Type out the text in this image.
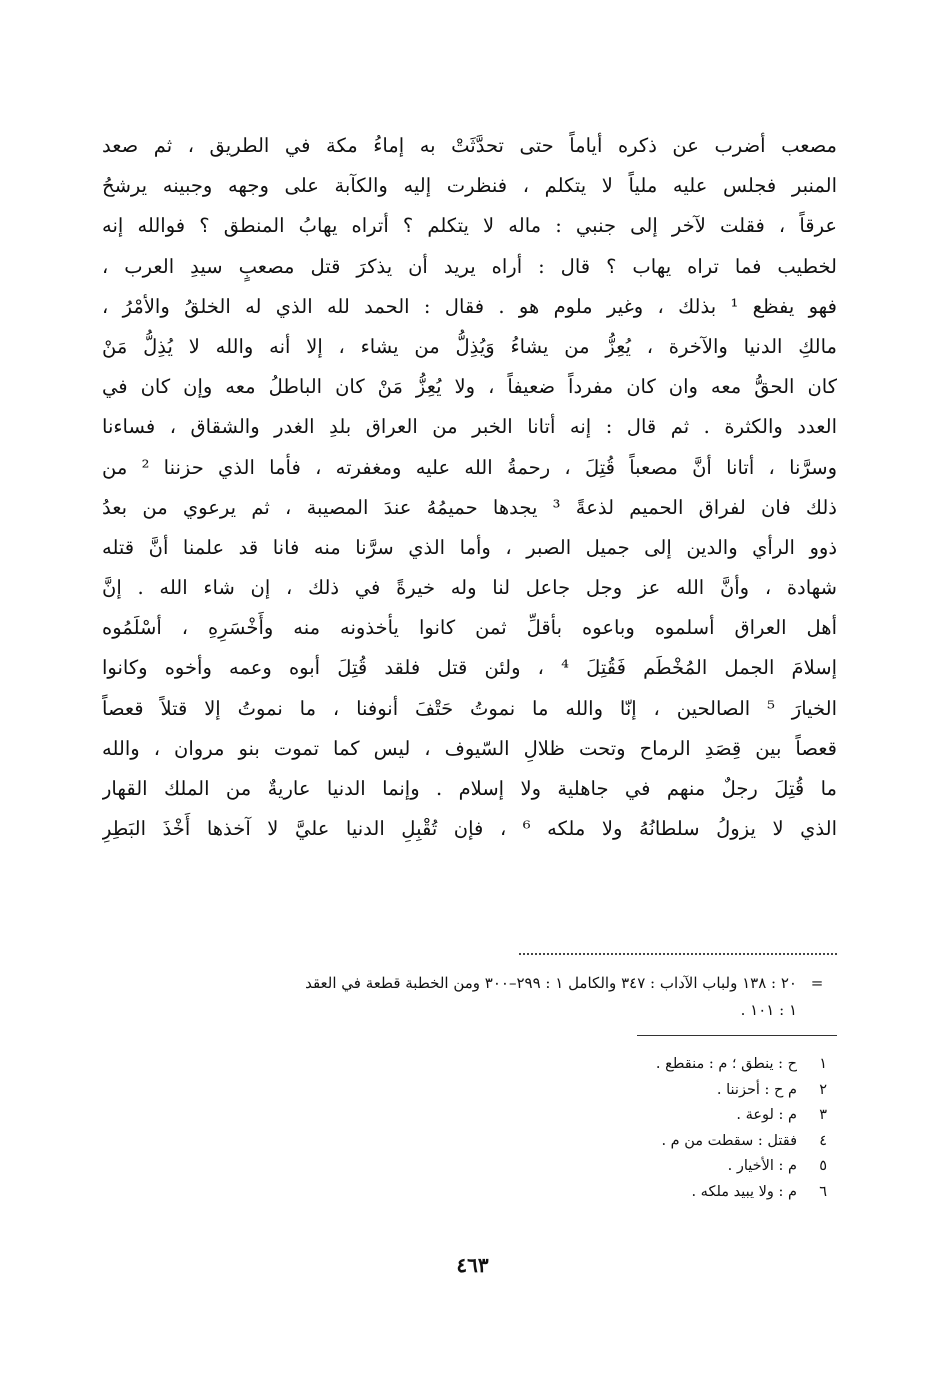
مصعب أضرب عن ذكره أياماً حتى تحدَّثَتْ به إماءُ مكة في الطريق ، ثم صعد
المنبر فجلس عليه ملياً لا يتكلم ، فنظرت إليه والكآبة على وجهه وجبينه يرشحُ
عرقاً ، فقلت لآخر إلى جنبي : ماله لا يتكلم ؟ أتراه يهابُ المنطق ؟ فوالله إنه
لخطيب فما تراه يهاب ؟ قال : أراه يريد أن يذكرَ قتل مصعبٍ سيدِ العرب ،
فهو يفظع ¹ بذلك ، وغير ملوم هو . فقال : الحمد لله الذي له الخلقُ والأمْرُ ،
مالكِ الدنيا والآخرة ، يُعِزُّ من يشاءُ وَيُذِلُّ من يشاء ، إلا أنه والله لا يُذِلُّ مَنْ
كان الحقُّ معه وان كان مفرداً ضعيفاً ، ولا يُعِزُّ مَنْ كان الباطلُ معه وإن كان في
العدد والكثرة . ثم قال : إنه أتانا الخبر من العراق بلدِ الغدر والشقاق ، فساءنا
وسرَّنا ، أتانا أنَّ مصعباً قُتِلَ ، رحمةُ الله عليه ومغفرته ، فأما الذي حزننا ² من
ذلك فان لفراق الحميم لذعةً ³ يجدها حميمُهُ عندَ المصيبة ، ثم يرعوي من بعدُ
ذوو الرأي والدين إلى جميل الصبر ، وأما الذي سرَّنا منه فانا قد علمنا أنَّ قتله
شهادة ، وأنَّ الله عز وجل جاعل لنا وله خيرةً في ذلك ، إن شاء الله . إنَّ
أهل العراق أسلموه وباعوه بأقلِّ ثمن كانوا يأخذونه منه وأَخْسَرِهِ ، أسْلَمُوه
إسلامَ الجمل المُخْطَم فَقُتِلَ ⁴ ، ولئن قتل فلقد قُتِلَ أبوه وعمه وأخوه وكانوا
الخيارَ ⁵ الصالحين ، إنّا والله ما نموتُ حَتْفَ أنوفنا ، ما نموتُ إلا قتلاً قعصاً
قعصاً بين قِصَدِ الرماح وتحت ظلالِ السّيوف ، ليس كما تموت بنو مروان ، والله
ما قُتِلَ رجلٌ منهم في جاهلية ولا إسلام . وإنما الدنيا عاريةٌ من الملك القهار
الذي لا يزولُ سلطانُهُ ولا ملكه ⁶ ، فإن تُقْبِلِ الدنيا عليَّ لا آخذها أَخْذَ البَطِرِ
=
٢٠ : ١٣٨ ولباب الآداب : ٣٤٧ والكامل ١ : ٢٩٩–٣٠٠ ومن الخطبة قطعة في العقد
١ : ١٠١ .
١
ح : ينطق ؛ م : منقطع .
٢
م ح : أحزننا .
٣
م : لوعة .
٤
فقتل : سقطت من م .
٥
م : الأخيار .
٦
م : ولا يبيد ملكه .
٤٦٣
